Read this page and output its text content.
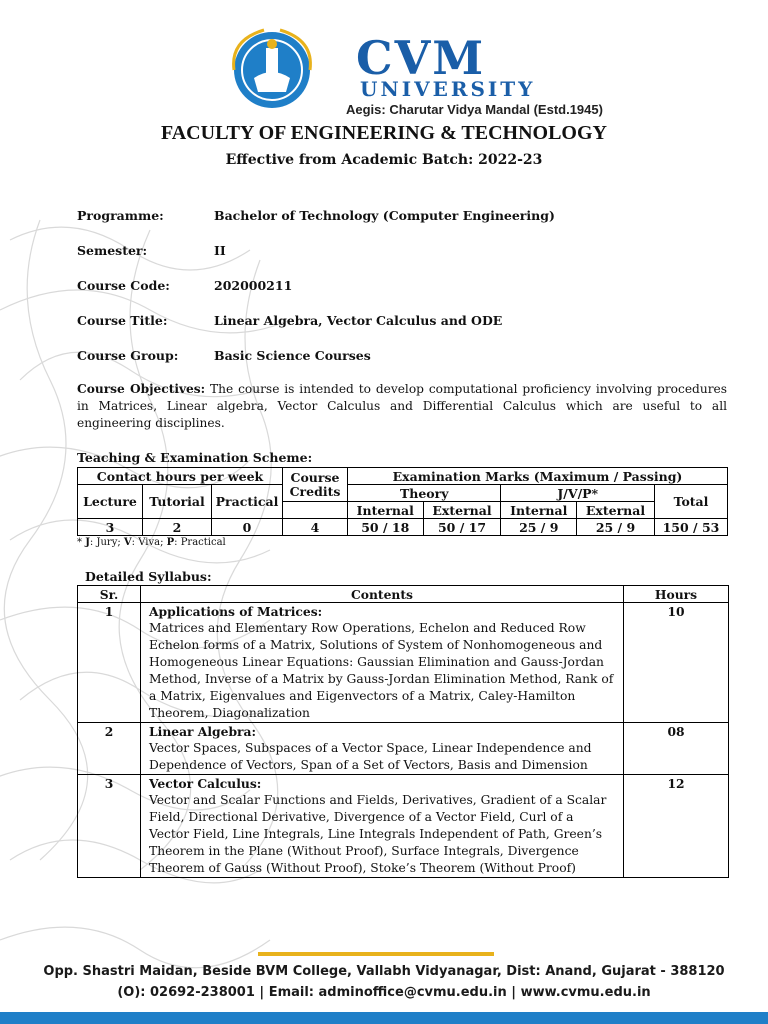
CVM
UNIVERSITY
Aegis: Charutar Vidya Mandal (Estd.1945)
FACULTY OF ENGINEERING & TECHNOLOGY
Effective from Academic Batch: 2022-23
Programme:	Bachelor of Technology (Computer Engineering)
Semester:	II
Course Code:	202000211
Course Title:	Linear Algebra, Vector Calculus and ODE
Course Group:	Basic Science Courses
Course Objectives: The course is intended to develop computational proficiency involving procedures in Matrices, Linear algebra, Vector Calculus and Differential Calculus which are useful to all engineering disciplines.
Teaching & Examination Scheme:
Contact hours per week			Course Credits	Examination Marks (Maximum / Passing)				
Lecture	Tutorial	Practical		Theory		J/V/P*		Total
				Internal	External	Internal	External	
3	2	0	4	50 / 18	50 / 17	25 / 9	25 / 9	150 / 53
* J: Jury; V: Viva; P: Practical
Detailed Syllabus:
Sr.	Contents	Hours
1	Applications of Matrices:
Matrices and Elementary Row Operations, Echelon and Reduced Row Echelon forms of a Matrix, Solutions of System of Nonhomogeneous and Homogeneous Linear Equations: Gaussian Elimination and Gauss-Jordan Method, Inverse of a Matrix by Gauss-Jordan Elimination Method, Rank of a Matrix, Eigenvalues and Eigenvectors of a Matrix, Caley-Hamilton Theorem, Diagonalization	10
2	Linear Algebra:
Vector Spaces, Subspaces of a Vector Space, Linear Independence and Dependence of Vectors, Span of a Set of Vectors, Basis and Dimension	08
3	Vector Calculus:
Vector and Scalar Functions and Fields, Derivatives, Gradient of a Scalar Field, Directional Derivative, Divergence of a Vector Field, Curl of a Vector Field, Line Integrals, Line Integrals Independent of Path, Green’s Theorem in the Plane (Without Proof), Surface Integrals, Divergence Theorem of Gauss (Without Proof), Stoke’s Theorem (Without Proof)	12
Opp. Shastri Maidan, Beside BVM College, Vallabh Vidyanagar, Dist: Anand, Gujarat - 388120
(O): 02692-238001 | Email: adminoffice@cvmu.edu.in | www.cvmu.edu.in
